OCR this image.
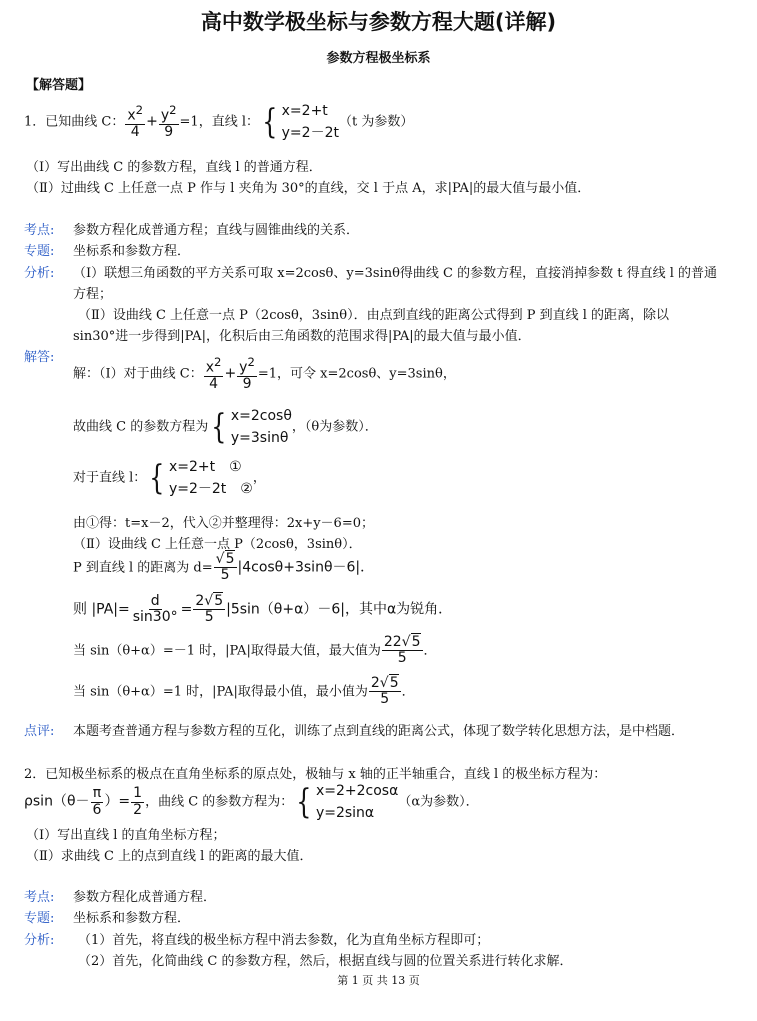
高中数学极坐标与参数方程大题(详解)
参数方程极坐标系
【解答题】
1．已知曲线 C： $\frac{x^2}{4} + \frac{y^2}{9} =1$，直线 l： { x=2+t
y=2－2t
（t 为参数）
（Ⅰ）写出曲线 C 的参数方程，直线 l 的普通方程．
（Ⅱ）过曲线 C 上任意一点 P 作与 l 夹角为 30°的直线，交 l 于点 A，求|PA|的最大值与最小值．
考点: 参数方程化成普通方程；直线与圆锥曲线的关系．
专题: 坐标系和参数方程．
分析: （Ⅰ）联想三角函数的平方关系可取 x=2cosθ、y=3sinθ得曲线 C 的参数方程，直接消掉参数 t 得直线 l 的普通
方程；
（Ⅱ）设曲线 C 上任意一点 P（2cosθ，3sinθ）．由点到直线的距离公式得到 P 到直线 l 的距离，除以
sin30°进一步得到|PA|，化积后由三角函数的范围求得|PA|的最大值与最小值．
解答:
解：（Ⅰ）对于曲线 C： $\frac{x^2}{4} + \frac{y^2}{9} =1$，可令 x=2cosθ、y=3sinθ，
故曲线 C 的参数方程为 { x=2cosθ
y=3sinθ
，（θ为参数）．
对于直线 l： { x=2+t　①
y=2－2t　②
，
由①得：t=x－2，代入②并整理得：2x+y－6=0；
（Ⅱ）设曲线 C 上任意一点 P（2cosθ，3sinθ）．
P 到直线 l 的距离为 $d= \frac{√5}{5} |4\cos\theta+3\sin\theta-6|$．
则 $|PA|= \frac{d}{\sin 30^\circ} = \frac{2√5}{5} |5\sin(\theta+\alpha)-6|$，其中α为锐角．
当 sin（θ+α）=－1 时，|PA|取得最大值，最大值为 $\frac{22√5}{5}$ ．
当 sin（θ+α）=1 时，|PA|取得最小值，最小值为 $\frac{2√5}{5}$ ．
点评: 本题考查普通方程与参数方程的互化，训练了点到直线的距离公式，体现了数学转化思想方法，是中档题．
2．已知极坐标系的极点在直角坐标系的原点处，极轴与 x 轴的正半轴重合，直线 l 的极坐标方程为：
$\rho\sin(\theta- \frac{\pi}{6}$ ）= $\frac{1}{2}$ ，曲线 C 的参数方程为： { x=2+2cosα
y=2sinα
（α为参数）．
（Ⅰ）写出直线 l 的直角坐标方程；
（Ⅱ）求曲线 C 上的点到直线 l 的距离的最大值．
考点: 参数方程化成普通方程．
专题: 坐标系和参数方程．
分析: （1）首先，将直线的极坐标方程中消去参数，化为直角坐标方程即可；
（2）首先，化简曲线 C 的参数方程，然后，根据直线与圆的位置关系进行转化求解．
第 1 页 共 13 页
